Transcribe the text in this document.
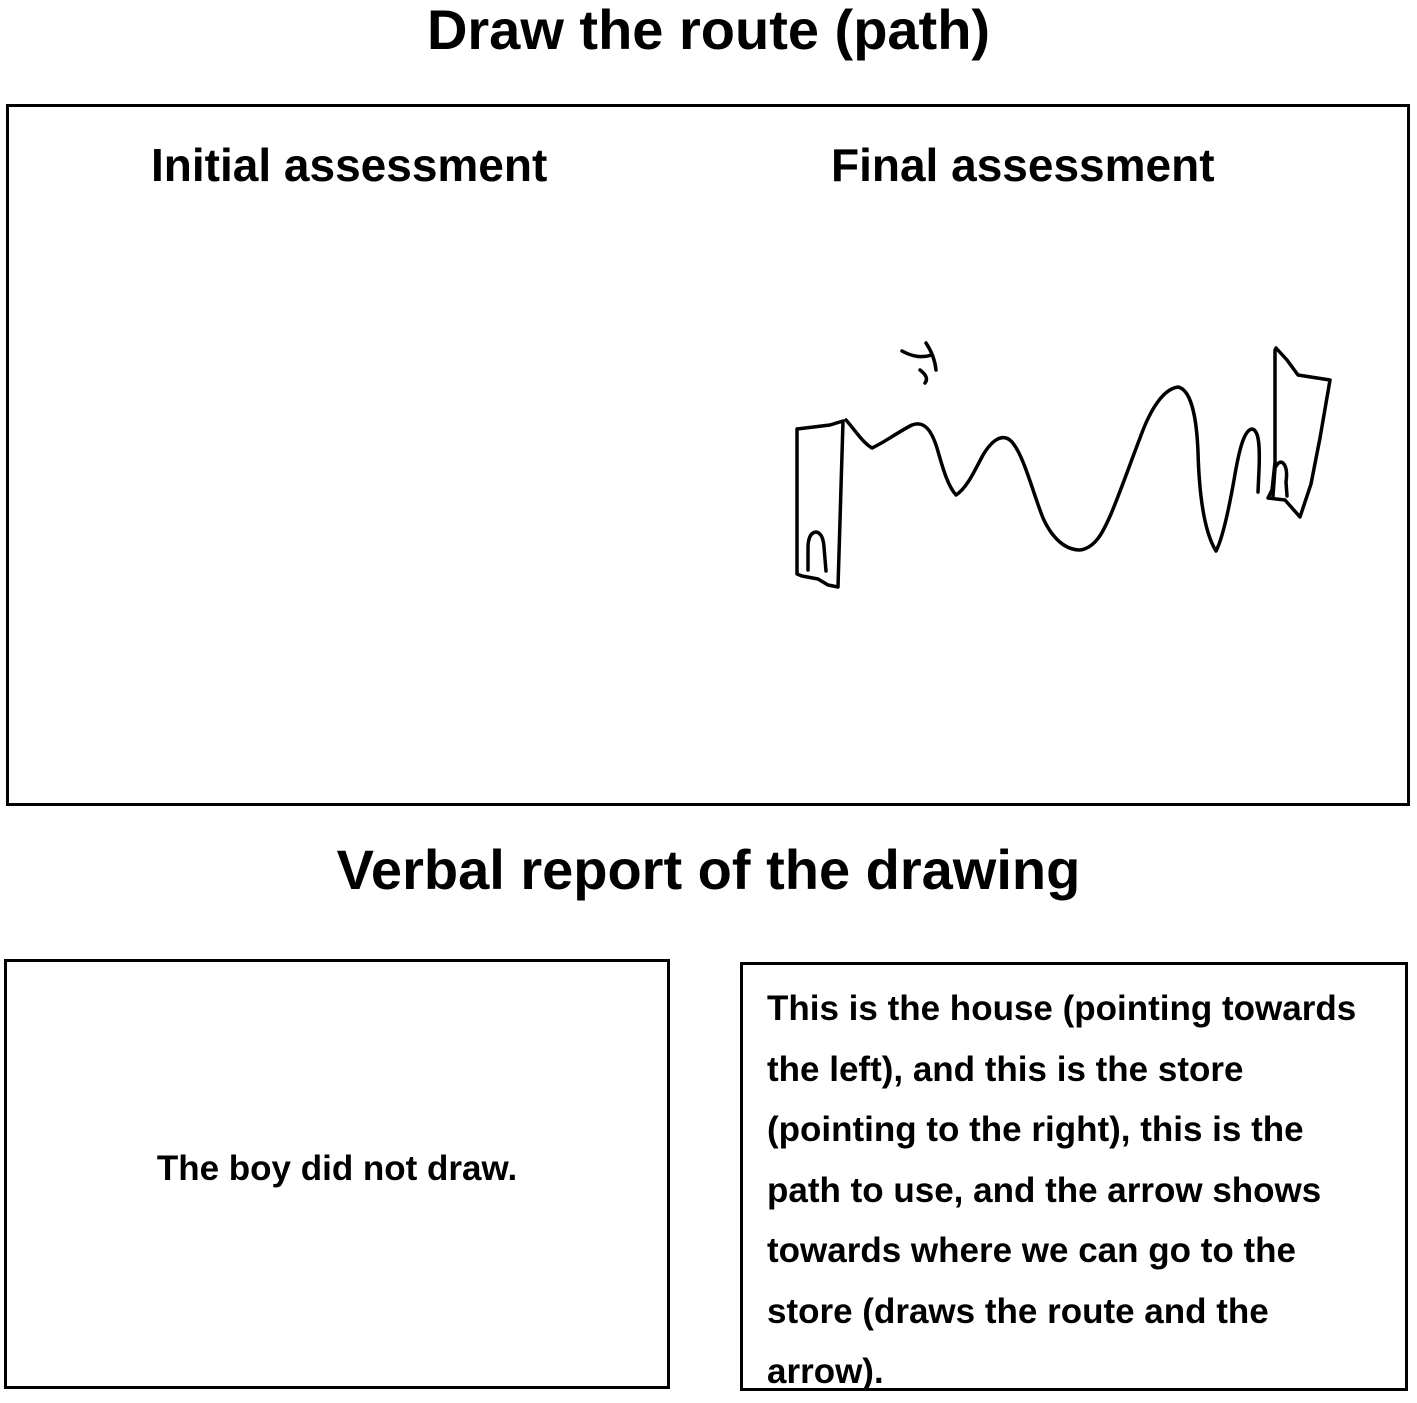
Draw the route (path)
Initial assessment	Final assessment
Verbal report of the drawing

The boy did not draw.

This is the house (pointing towards the left), and this is the store (pointing to the right), this is the path to use, and the arrow shows towards where we can go to the store (draws the route and the arrow).
